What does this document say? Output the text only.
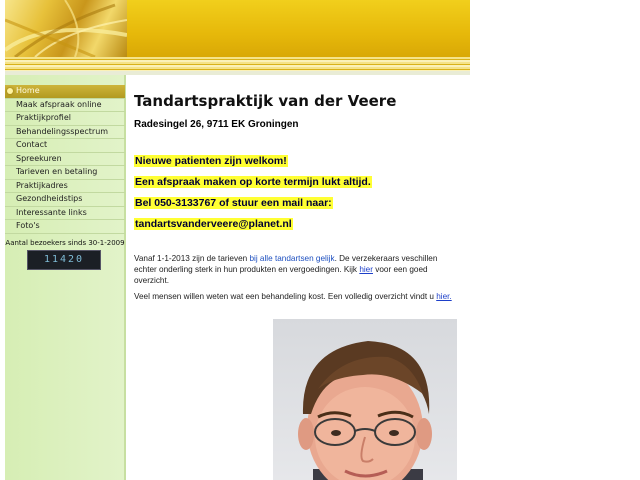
Home
Maak afspraak online
Praktijkprofiel
Behandelingsspectrum
Contact
Spreekuren
Tarieven en betaling
Praktijkadres
Gezondheidstips
Interessante links
Foto's
Aantal bezoekers sinds 30-1-2009
11420
Tandartspraktijk van der Veere
Radesingel 26, 9711 EK Groningen
Nieuwe patienten zijn welkom!
Een afspraak maken op korte termijn lukt altijd.
Bel 050-3133767 of stuur een mail naar:
tandartsvanderveere@planet.nl
Vanaf 1-1-2013 zijn de tarieven bij alle tandartsen gelijk. De verzekeraars veschillen echter onderling sterk in hun produkten en vergoedingen. Kijk hier voor een goed overzicht.
Veel mensen willen weten wat een behandeling kost. Een volledig overzicht vindt u hier.
